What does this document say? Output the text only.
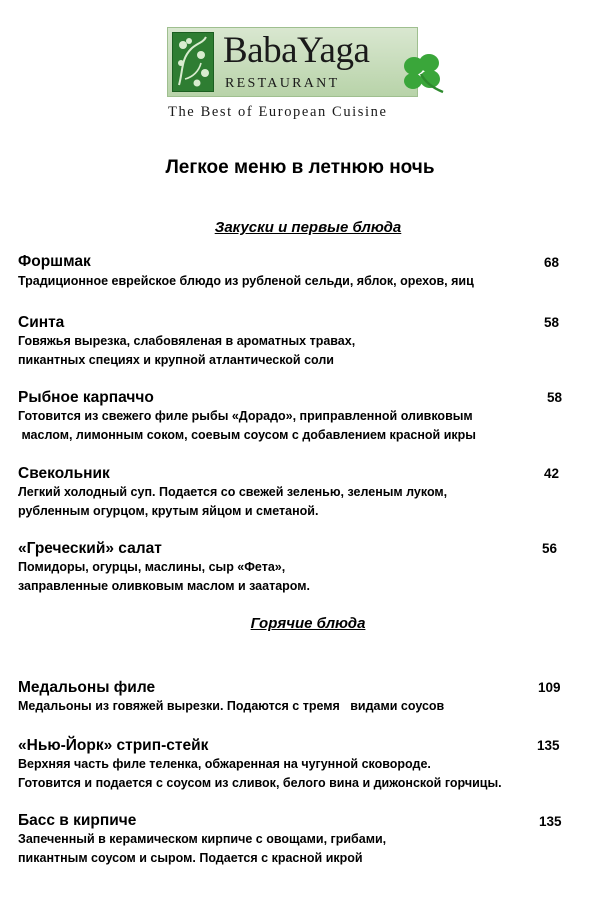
BabaYaga
RESTAURANT
The Best of European Cuisine
Легкое меню в летнюю ночь
Закуски и первые блюда
Форшмак	68
Традиционное еврейское блюдо из рубленой сельди, яблок, орехов, яиц
Синта	58
Говяжья вырезка, слабовяленая в ароматных травах,
пикантных специях и крупной атлантической соли
Рыбное карпаччо	58
Готовится из свежего филе рыбы «Дорадо», приправленной оливковым
маслом, лимонным соком, соевым соусом с добавлением красной икры
Свекольник	42
Легкий холодный суп. Подается со свежей зеленью, зеленым луком,
рубленным огурцом, крутым яйцом и сметаной.
«Греческий» салат	56
Помидоры, огурцы, маслины, сыр «Фета»,
заправленные оливковым маслом и заатаром.
Горячие блюда
Медальоны филе	109
Медальоны из говяжей вырезки. Подаются с тремя   видами соусов
«Нью-Йорк» стрип-стейк	135
Верхняя часть филе теленка, обжаренная на чугунной сковороде.
Готовится и подается с соусом из сливок, белого вина и дижонской горчицы.
Басс в кирпиче	135
Запеченный в керамическом кирпиче с овощами, грибами,
пикантным соусом и сыром. Подается с красной икрой
